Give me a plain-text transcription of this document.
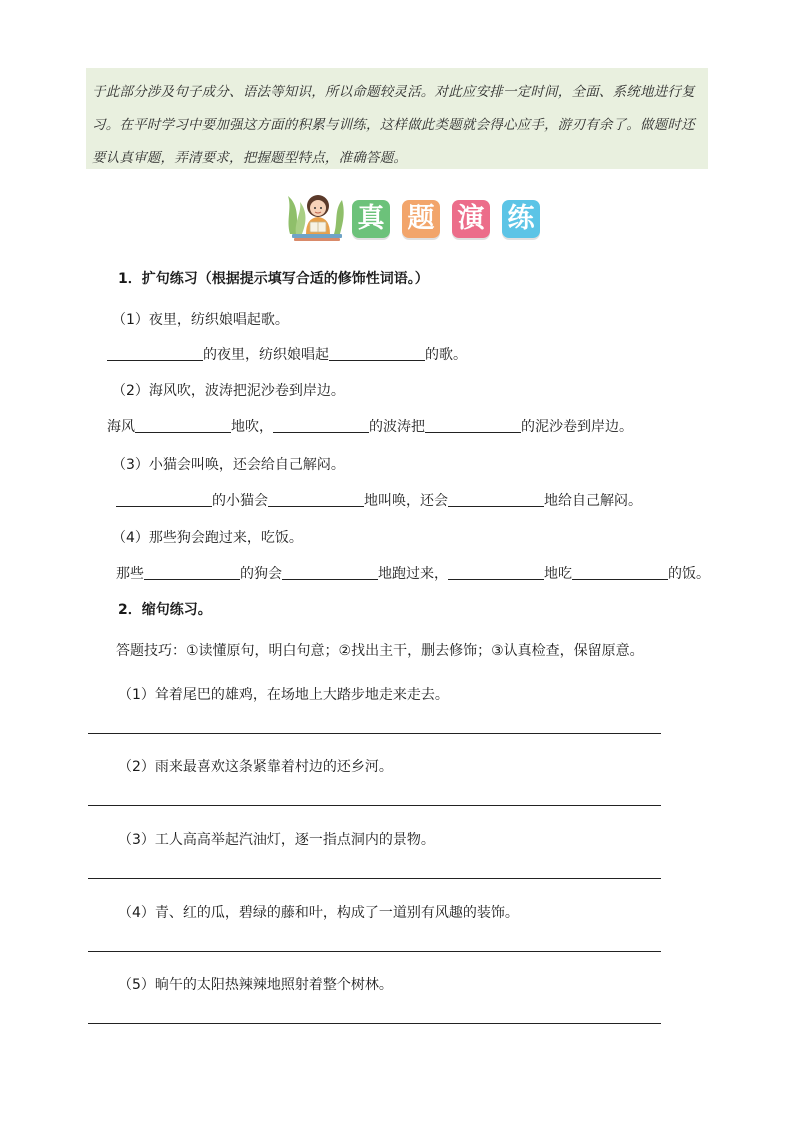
于此部分涉及句子成分、语法等知识，所以命题较灵活。对此应安排一定时间，全面、系统地进行复习。在平时学习中要加强这方面的积累与训练，这样做此类题就会得心应手，游刃有余了。做题时还要认真审题，弄清要求，把握题型特点，准确答题。

真 题 演 练
1．扩句练习（根据提示填写合适的修饰性词语。）
（1）夜里，纺织娘唱起歌。
的夜里，纺织娘唱起	的歌。
（2）海风吹，波涛把泥沙卷到岸边。
海风	地吹，	的波涛把	的泥沙卷到岸边。
（3）小猫会叫唤，还会给自己解闷。
的小猫会	地叫唤，还会	地给自己解闷。
（4）那些狗会跑过来，吃饭。
那些	的狗会	地跑过来，	地吃	的饭。
2．缩句练习。
答题技巧：①读懂原句，明白句意；②找出主干，删去修饰；③认真检查，保留原意。
（1）耸着尾巴的雄鸡，在场地上大踏步地走来走去。
（2）雨来最喜欢这条紧靠着村边的还乡河。
（3）工人高高举起汽油灯，逐一指点洞内的景物。
（4）青、红的瓜，碧绿的藤和叶，构成了一道别有风趣的装饰。
（5）晌午的太阳热辣辣地照射着整个树林。
